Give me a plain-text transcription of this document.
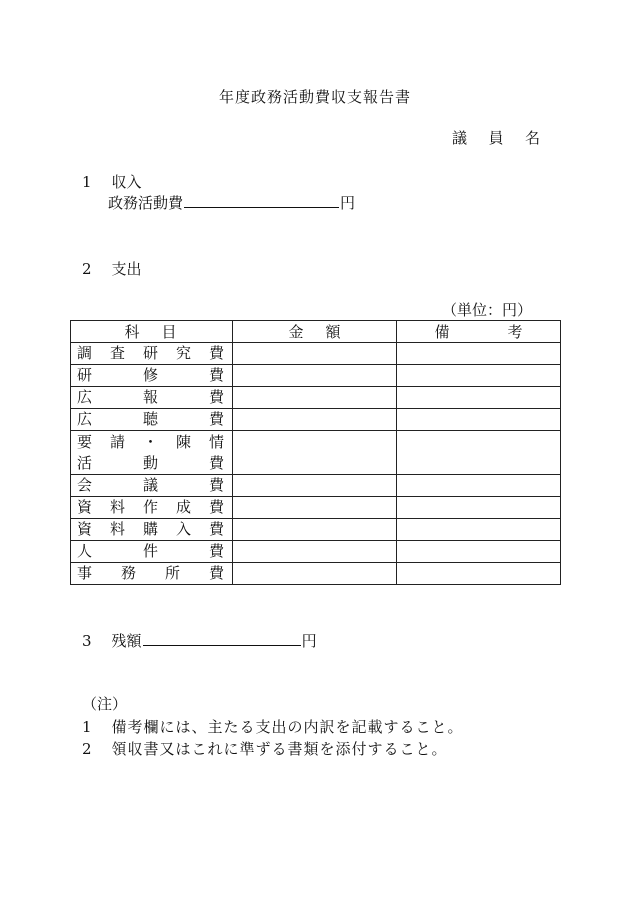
年度政務活動費収支報告書
議員名
1 収入
政務活動費	円
2 支出
（単位：円）
科目	金額	備考

調査研究費		

研修費		

広報費		

広聴費		

要請・陳情
活動費		

会議費		

資料作成費		

資料購入費		

人件費		

事務所費		

3 残額	円
（注）
1 備考欄には、主たる支出の内訳を記載すること。
2 領収書又はこれに準ずる書類を添付すること。
